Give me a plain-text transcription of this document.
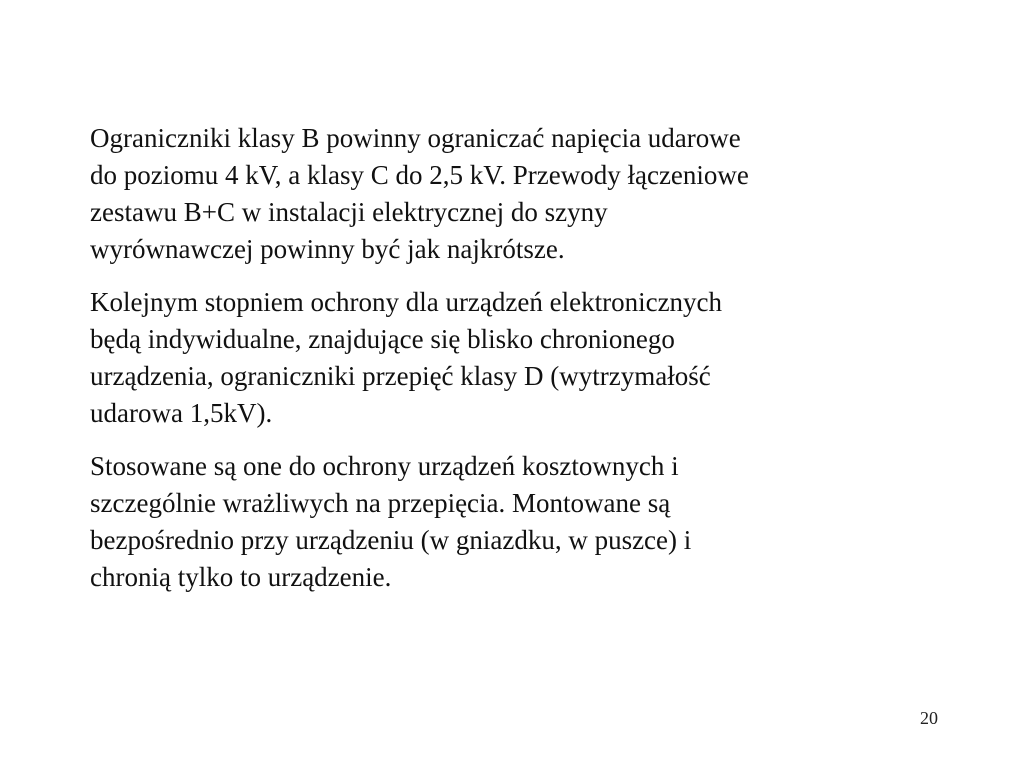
Ograniczniki klasy B powinny ograniczać napięcia udarowe
do poziomu 4 kV, a klasy C do 2,5 kV. Przewody łączeniowe
zestawu B+C w instalacji elektrycznej do szyny
wyrównawczej powinny być jak najkrótsze.

Kolejnym stopniem ochrony dla urządzeń elektronicznych
będą indywidualne, znajdujące się blisko chronionego
urządzenia, ograniczniki przepięć klasy D (wytrzymałość
udarowa 1,5kV).

Stosowane są one do ochrony urządzeń kosztownych i
szczególnie wrażliwych na przepięcia. Montowane są
bezpośrednio przy urządzeniu (w gniazdku, w puszce) i
chronią tylko to urządzenie.

20
